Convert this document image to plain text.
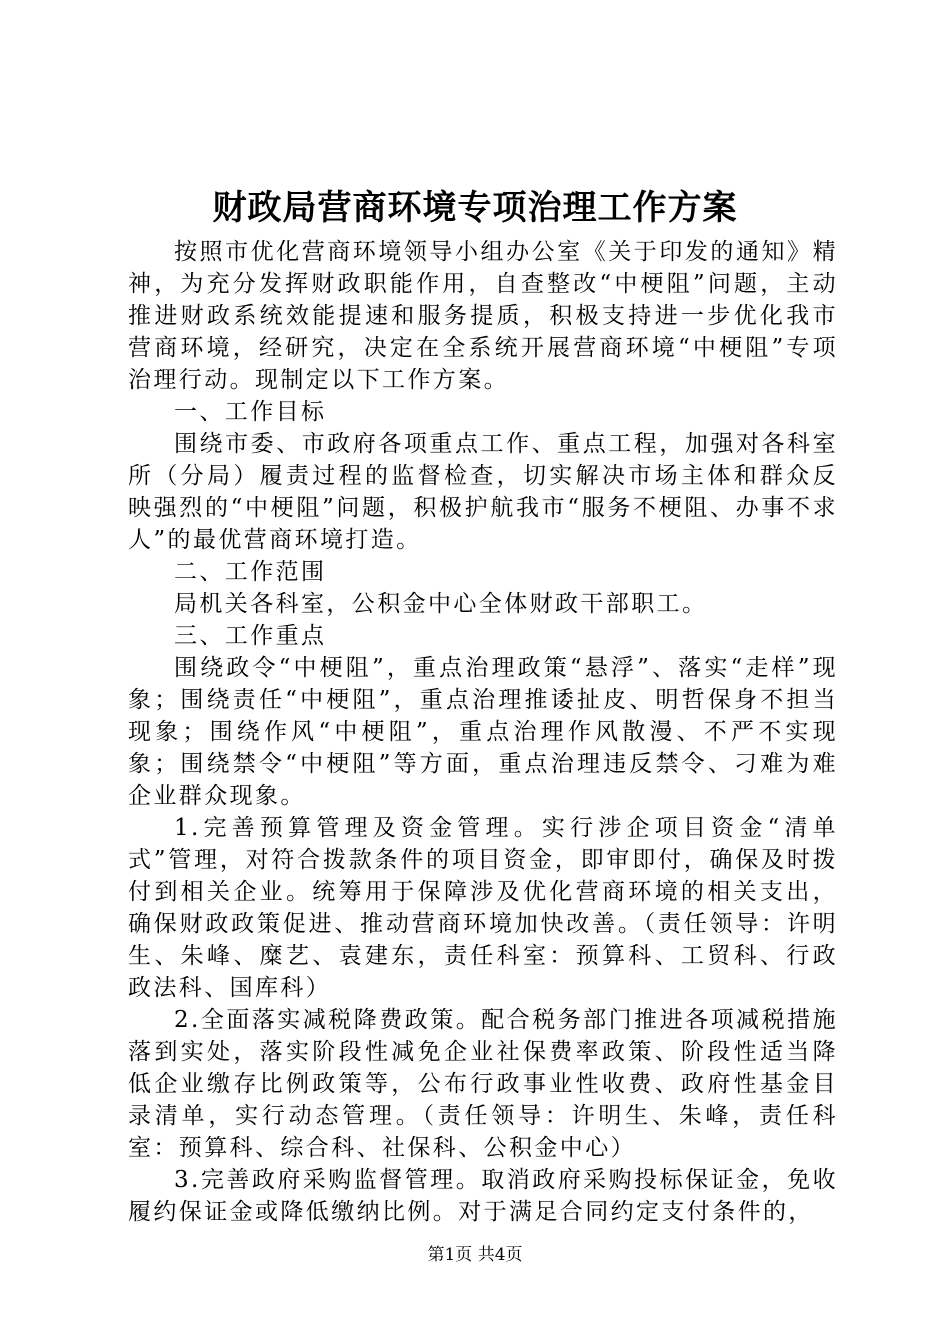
财政局营商环境专项治理工作方案

按照市优化营商环境领导小组办公室《关于印发的通知》精神，为充分发挥财政职能作用，自查整改“中梗阻”问题，主动推进财政系统效能提速和服务提质，积极支持进一步优化我市营商环境，经研究，决定在全系统开展营商环境“中梗阻”专项治理行动。现制定以下工作方案。

一、工作目标

围绕市委、市政府各项重点工作、重点工程，加强对各科室所（分局）履责过程的监督检查，切实解决市场主体和群众反映强烈的“中梗阻”问题，积极护航我市“服务不梗阻、办事不求人”的最优营商环境打造。

二、工作范围

局机关各科室，公积金中心全体财政干部职工。

三、工作重点

围绕政令“中梗阻”，重点治理政策“悬浮”、落实“走样”现象；围绕责任“中梗阻”，重点治理推诿扯皮、明哲保身不担当现象；围绕作风“中梗阻”，重点治理作风散漫、不严不实现象；围绕禁令“中梗阻”等方面，重点治理违反禁令、刁难为难企业群众现象。

1.完善预算管理及资金管理。实行涉企项目资金“清单式”管理，对符合拨款条件的项目资金，即审即付，确保及时拨付到相关企业。统筹用于保障涉及优化营商环境的相关支出，确保财政政策促进、推动营商环境加快改善。（责任领导：许明生、朱峰、糜艺、袁建东，责任科室：预算科、工贸科、行政政法科、国库科）

2.全面落实减税降费政策。配合税务部门推进各项减税措施落到实处，落实阶段性减免企业社保费率政策、阶段性适当降低企业缴存比例政策等，公布行政事业性收费、政府性基金目录清单，实行动态管理。（责任领导：许明生、朱峰，责任科室：预算科、综合科、社保科、公积金中心）

3.完善政府采购监督管理。取消政府采购投标保证金，免收履约保证金或降低缴纳比例。对于满足合同约定支付条件的，

第1页 共4页
